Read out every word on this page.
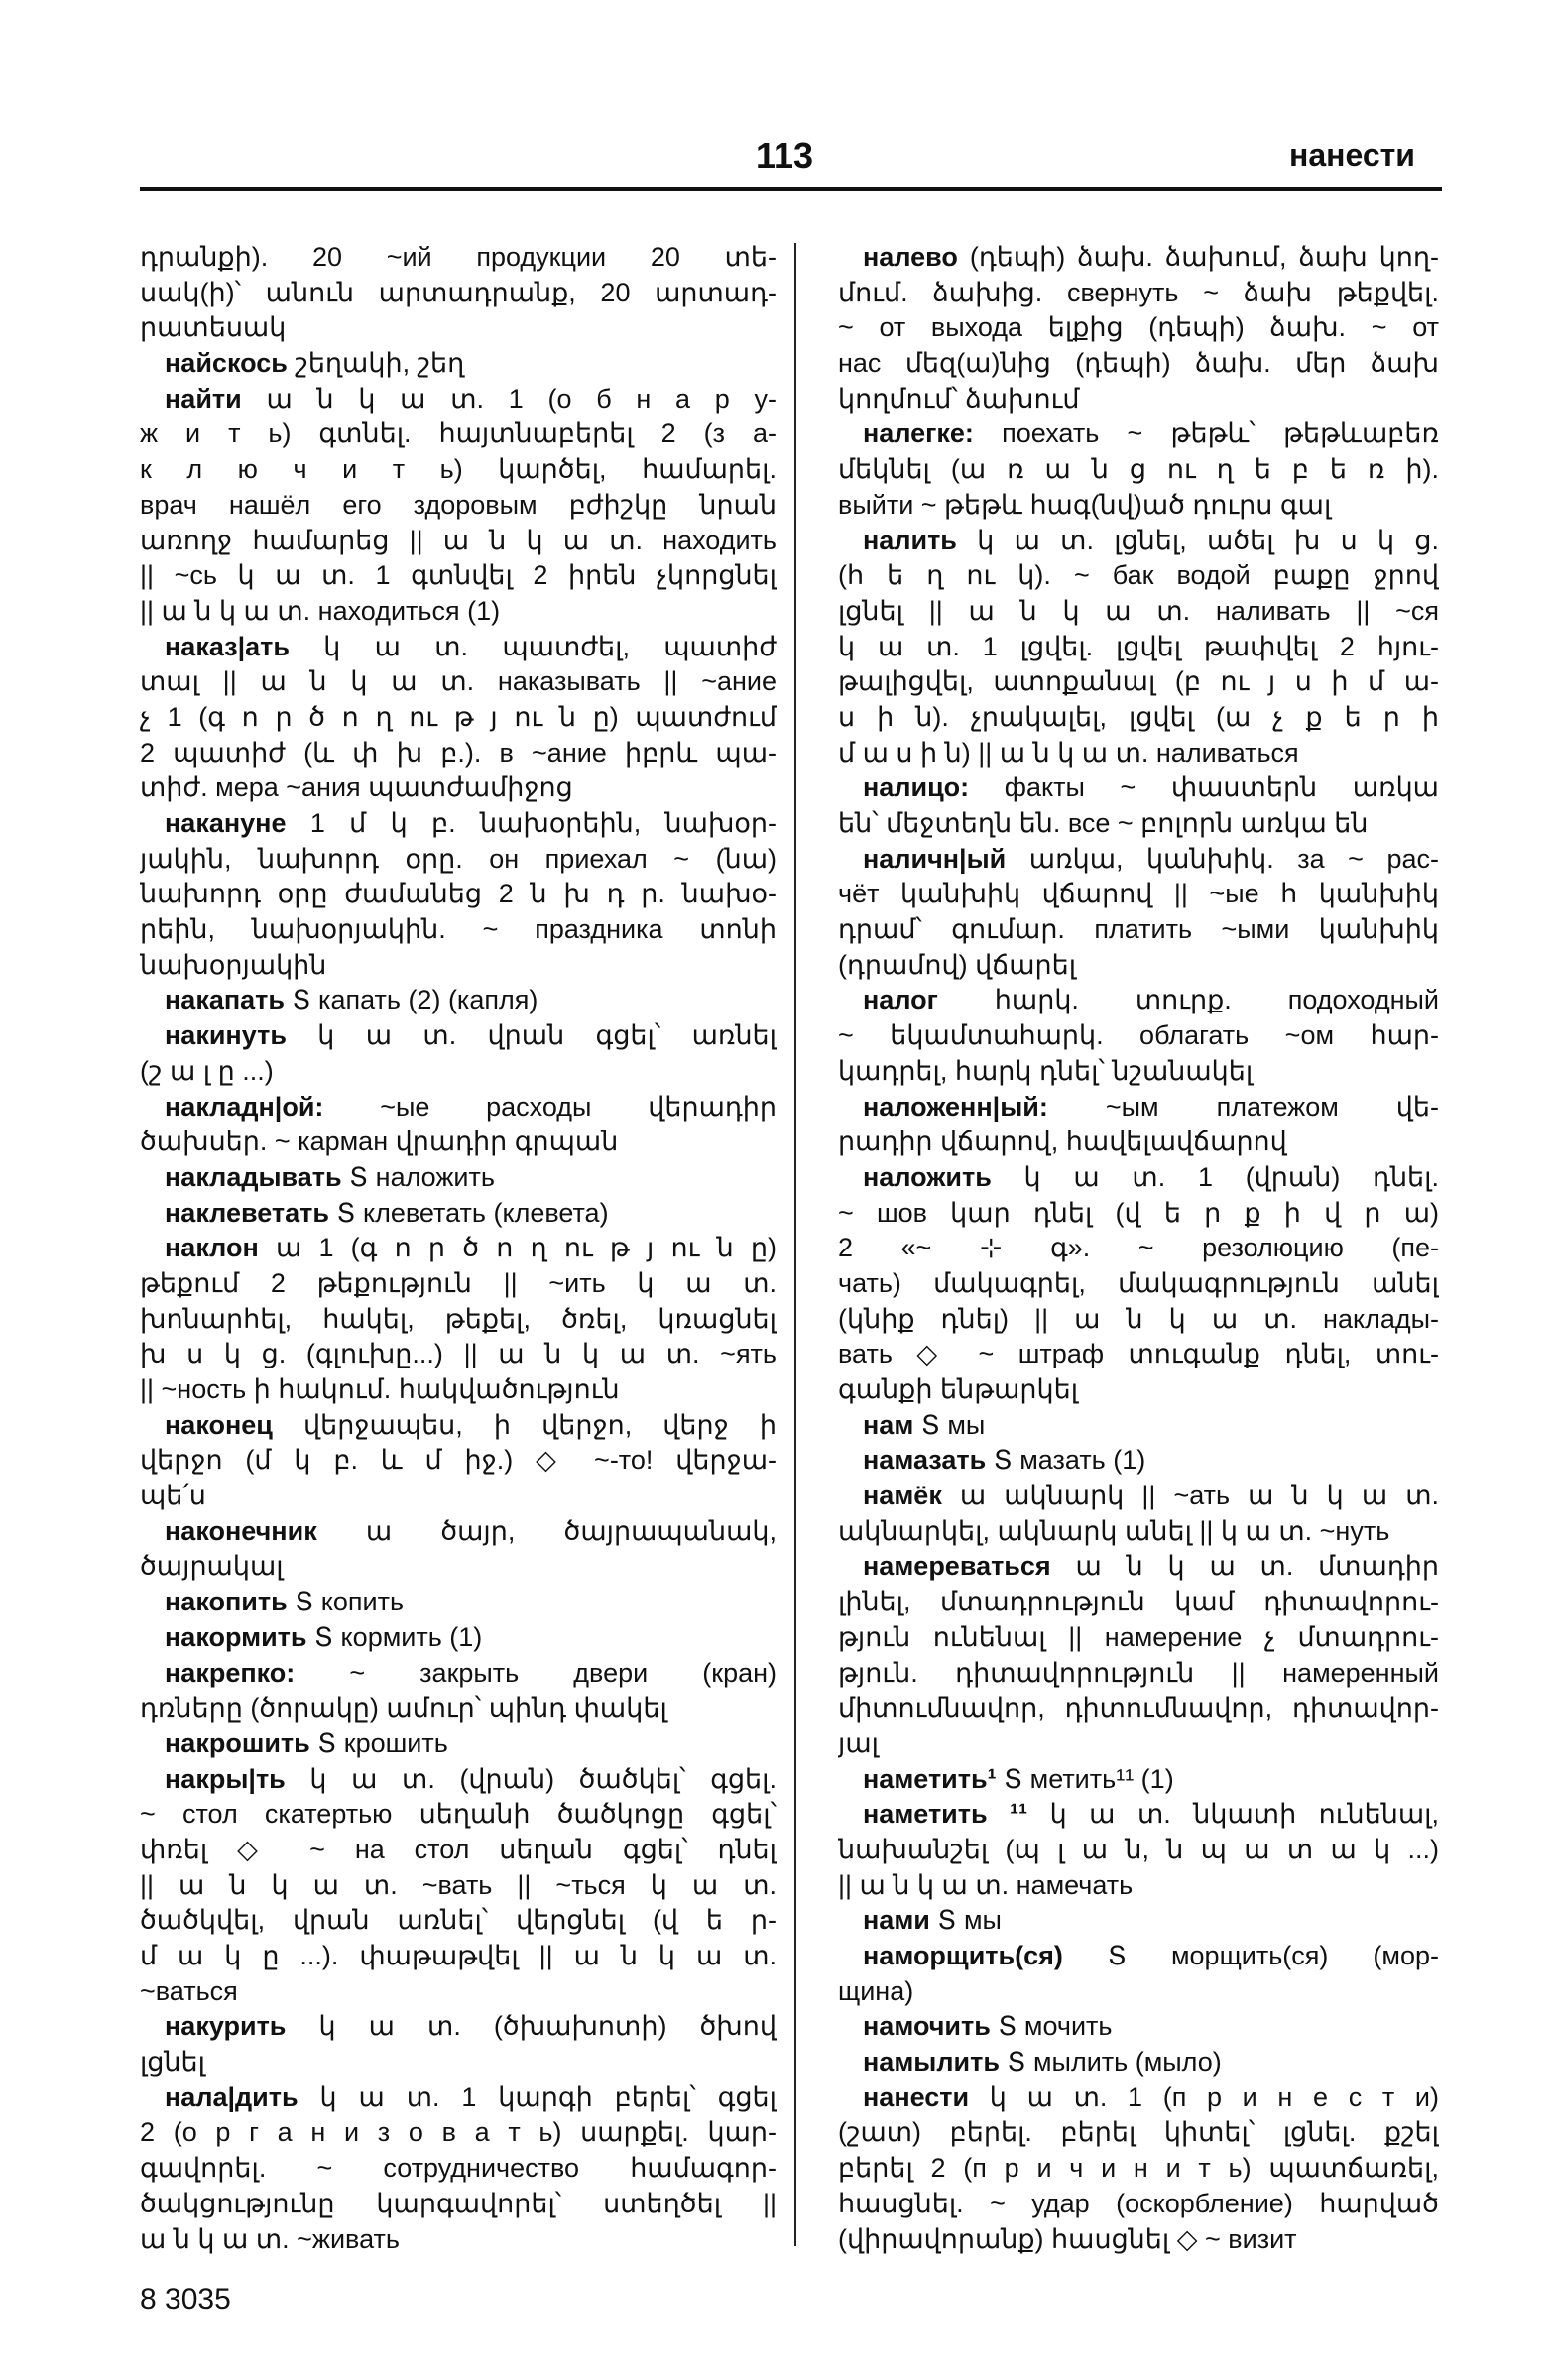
113	нанести
դրանքի). 20 ~ий продукции 20 տե-
սակ(ի)՝ անուն արտադրանք, 20 արտադ-
րատեսակ
найскось շեղակի, շեղ
найти ա ն կ ա տ. 1 (о б н а р у-
ж и т ь) գտնել. հայտնաբերել 2 (з а-
к л ю ч и т ь) կարծել, համարել.
врач нашёл его здоровым բժիշկը նրան
առողջ համարեց || ա ն կ ա տ. находить
|| ~сь կ ա տ. 1 գտնվել 2 իրեն չկորցնել
|| ա ն կ ա տ. находиться (1)
наказ|ать կ ա տ. պատժել, պատիժ
տալ || ա ն կ ա տ. наказывать || ~ание
չ 1 (գ ո ր ծ ո ղ ու թ յ ու ն ը) պատժում
2 պատիժ (և փ խ բ.). в ~ание իբրև պա-
տիժ. мера ~ания պատժամիջոց
накануне 1 մ կ բ. նախօրեին, նախօր-
յակին, նախորդ օրը. он приехал ~ (նա)
նախորդ օրը ժամանեց 2 ն խ դ ր. նախօ-
րեին, նախօրյակին. ~ праздника տոնի
նախօրյակին
накапать Տ капать (2) (капля)
накинуть կ ա տ. վրան գցել՝ առնել
(շ ա լ ը ...)
накладн|ой: ~ые расходы վերադիր
ծախսեր. ~ карман վրադիր գրպան
накладывать Տ наложить
наклеветать Տ клеветать (клевета)
наклон ա 1 (գ ո ր ծ ո ղ ու թ յ ու ն ը)
թեքում 2 թեքություն || ~ить կ ա տ.
խոնարհել, հակել, թեքել, ծռել, կռացնել
խ ս կ ց. (գլուխը...) || ա ն կ ա տ. ~ять
|| ~ность ի հակում. հակվածություն
наконец վերջապես, ի վերջո, վերջ ի
վերջո (մ կ բ. և մ իջ.) ◇ ~-то! վերջա-
պե՛ս
наконечник ա ծայր, ծայրապանակ,
ծայրակալ
накопить Տ копить
накормить Տ кормить (1)
накрепко: ~ закрыть двери (кран)
դռները (ծորակը) ամուր՝ պինդ փակել
накрошить Տ крошить
накры|ть կ ա տ. (վրան) ծածկել՝ գցել.
~ стол скатертью սեղանի ծածկոցը գցել՝
փռել ◇ ~ на стол սեղան գցել՝ դնել
|| ա ն կ ա տ. ~вать || ~ться կ ա տ.
ծածկվել, վրան առնել՝ վերցնել (վ ե ր-
մ ա կ ը ...). փաթաթվել || ա ն կ ա տ.
~ваться
накурить կ ա տ. (ծխախոտի) ծխով
լցնել
нала|дить կ ա տ. 1 կարգի բերել՝ գցել
2 (о р г а н и з о в а т ь) սարքել. կար-
գավորել. ~ сотрудничество համագոր-
ծակցությունը կարգավորել՝ ստեղծել ||
ա ն կ ա տ. ~живать
налево (դեպի) ձախ. ձախում, ձախ կող-
մում. ձախից. свернуть ~ ձախ թեքվել.
~ от выхода ելքից (դեպի) ձախ. ~ от
нас մեզ(ա)նից (դեպի) ձախ. մեր ձախ
կողմում՝ ձախում
налегке: поехать ~ թեթև՝ թեթևաբեռ
մեկնել (ա ռ ա ն ց ու ղ ե բ ե ռ ի).
выйти ~ թեթև հագ(նվ)ած դուրս գալ
налить կ ա տ. լցնել, ածել խ ս կ ց.
(հ ե ղ ու կ). ~ бак водой բաքը ջրով
լցնել || ա ն կ ա տ. наливать || ~ся
կ ա տ. 1 լցվել. լցվել թափվել 2 հյու-
թալիցվել, ատոքանալ (բ ու յ ս ի մ ա-
ս ի ն). չրակալել, լցվել (ա չ ք ե ր ի
մ ա ս ի ն) || ա ն կ ա տ. наливаться
налицо: факты ~ փաստերն առկա
են՝ մեջտեղն են. все ~ բոլորն առկա են
наличн|ый առկա, կանխիկ. за ~ рас-
чёт կանխիկ վճարով || ~ые հ կանխիկ
դրամ՝ գումար. платить ~ыми կանխիկ
(դրամով) վճարել
налог հարկ. տուրք. подоходный
~ եկամտահարկ. облагать ~ом հար-
կադրել, հարկ դնել՝ նշանակել
наложенн|ый: ~ым платежом վե-
րադիր վճարով, հավելավճարով
наложить կ ա տ. 1 (վրան) դնել.
~ шов կար դնել (վ ե ր ք ի վ ր ա)
2 «~ ⊹ գ». ~ резолюцию (пе-
чать) մակագրել, մակագրություն անել
(կնիք դնել) || ա ն կ ա տ. наклады-
вать ◇ ~ штраф տուգանք դնել, տու-
գանքի ենթարկել
нам Տ мы
намазать Տ мазать (1)
намёк ա ակնարկ || ~ать ա ն կ ա տ.
ակնարկել, ակնարկ անել || կ ա տ. ~нуть
намереваться ա ն կ ա տ. մտադիր
լինել, մտադրություն կամ դիտավորու-
թյուն ունենալ || намерение չ մտադրու-
թյուն. դիտավորություն || намеренный
միտումնավոր, դիտումնավոր, դիտավոր-
յալ
наметить¹ Տ метить¹¹ (1)
наметить ¹¹ կ ա տ. նկատի ունենալ,
նախանշել (պ լ ա ն, ն պ ա տ ա կ ...)
|| ա ն կ ա տ. намечать
нами Տ мы
наморщить(ся) Տ морщить(ся) (мор-
щина)
намочить Տ мочить
намылить Տ мылить (мыло)
нанести կ ա տ. 1 (п р и н е с т и)
(շատ) բերել. բերել կիտել՝ լցնել. քշել
բերել 2 (п р и ч и н и т ь) պատճառել,
հասցնել. ~ удар (оскорбление) հարված
(վիրավորանք) հասցնել ◇ ~ визит
8 3035
